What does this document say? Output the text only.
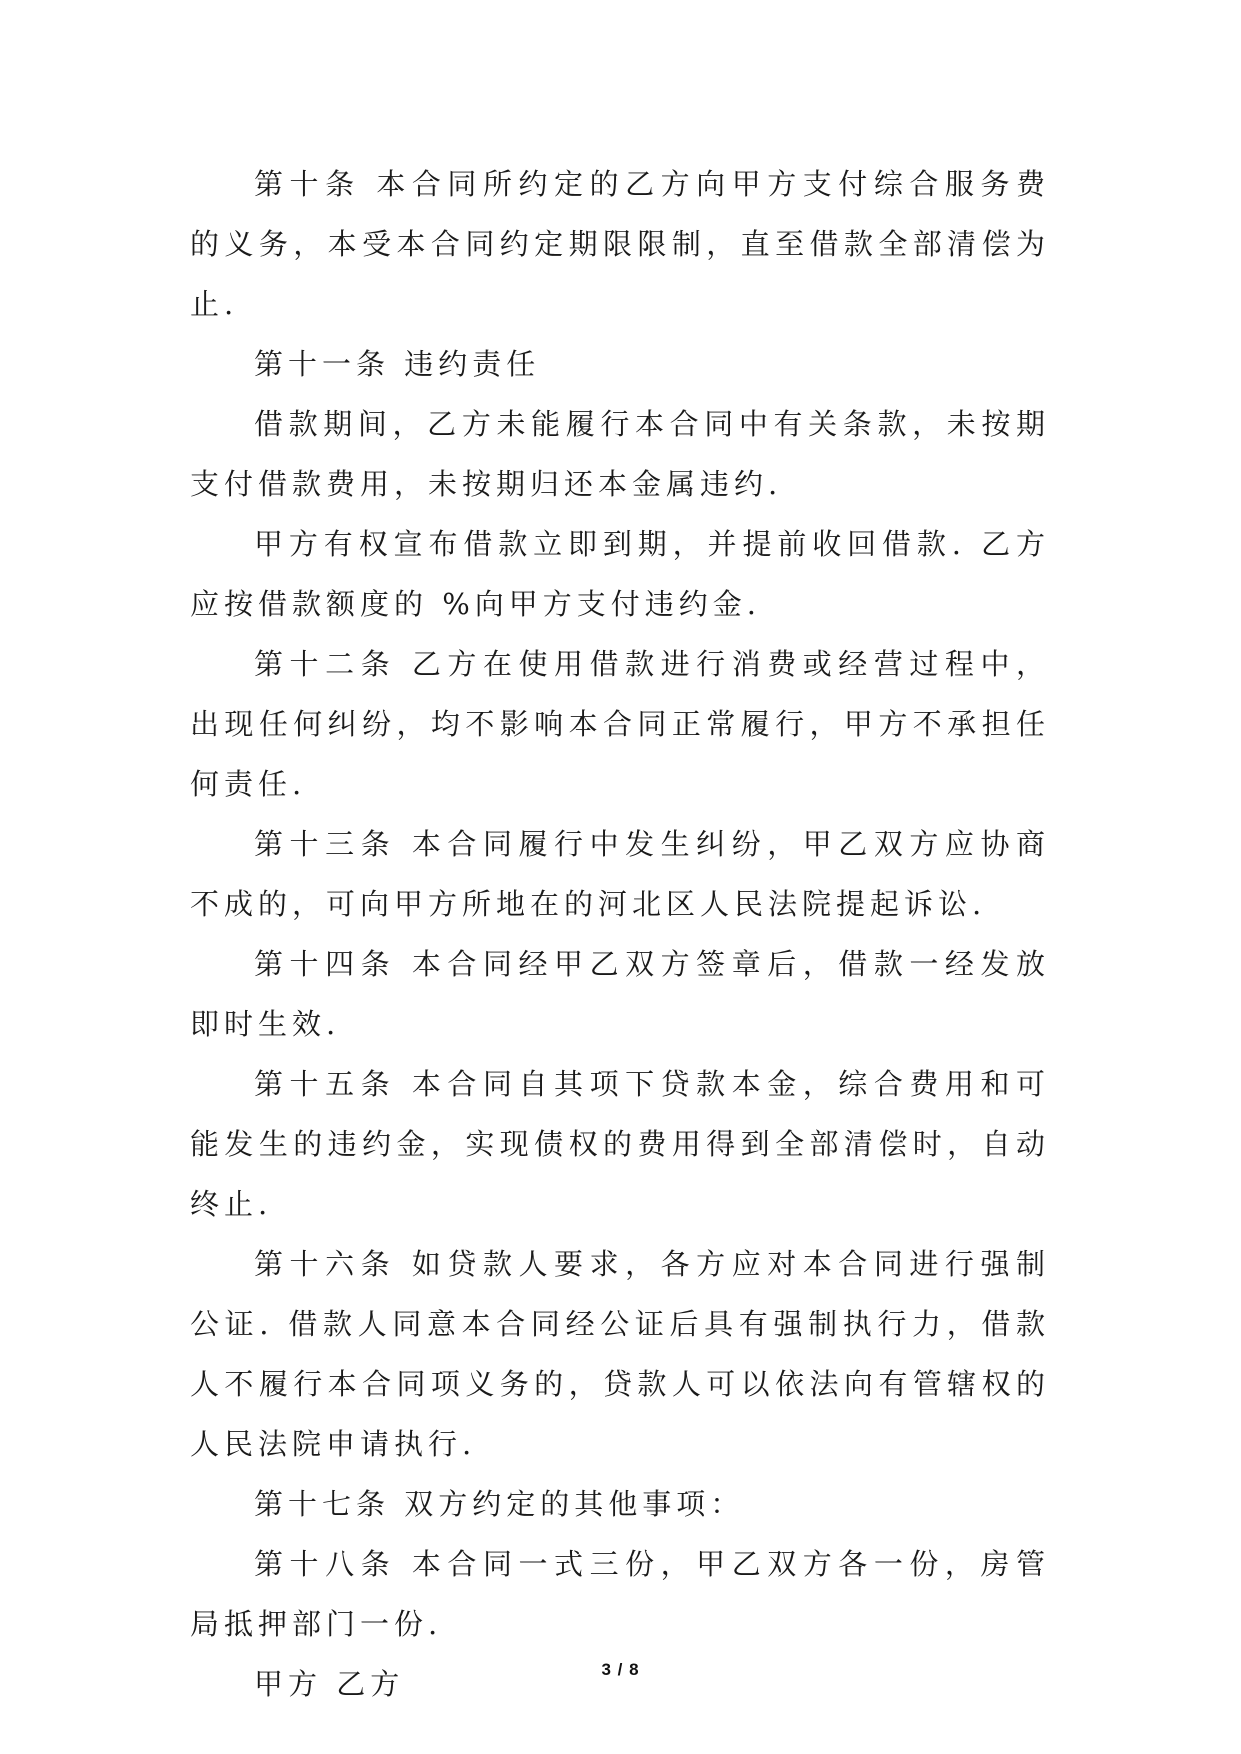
第十条 本合同所约定的乙方向甲方支付综合服务费的义务，本受本合同约定期限限制，直至借款全部清偿为止.

第十一条 违约责任

借款期间，乙方未能履行本合同中有关条款，未按期支付借款费用，未按期归还本金属违约.

甲方有权宣布借款立即到期，并提前收回借款. 乙方应按借款额度的 %向甲方支付违约金.

第十二条 乙方在使用借款进行消费或经营过程中，出现任何纠纷，均不影响本合同正常履行，甲方不承担任何责任.

第十三条 本合同履行中发生纠纷，甲乙双方应协商不成的，可向甲方所地在的河北区人民法院提起诉讼.

第十四条 本合同经甲乙双方签章后，借款一经发放即时生效.

第十五条 本合同自其项下贷款本金，综合费用和可能发生的违约金，实现债权的费用得到全部清偿时，自动终止.

第十六条 如贷款人要求，各方应对本合同进行强制公证. 借款人同意本合同经公证后具有强制执行力，借款人不履行本合同项义务的，贷款人可以依法向有管辖权的人民法院申请执行.

第十七条 双方约定的其他事项：

第十八条 本合同一式三份，甲乙双方各一份，房管局抵押部门一份.

甲方 乙方	3 / 8
